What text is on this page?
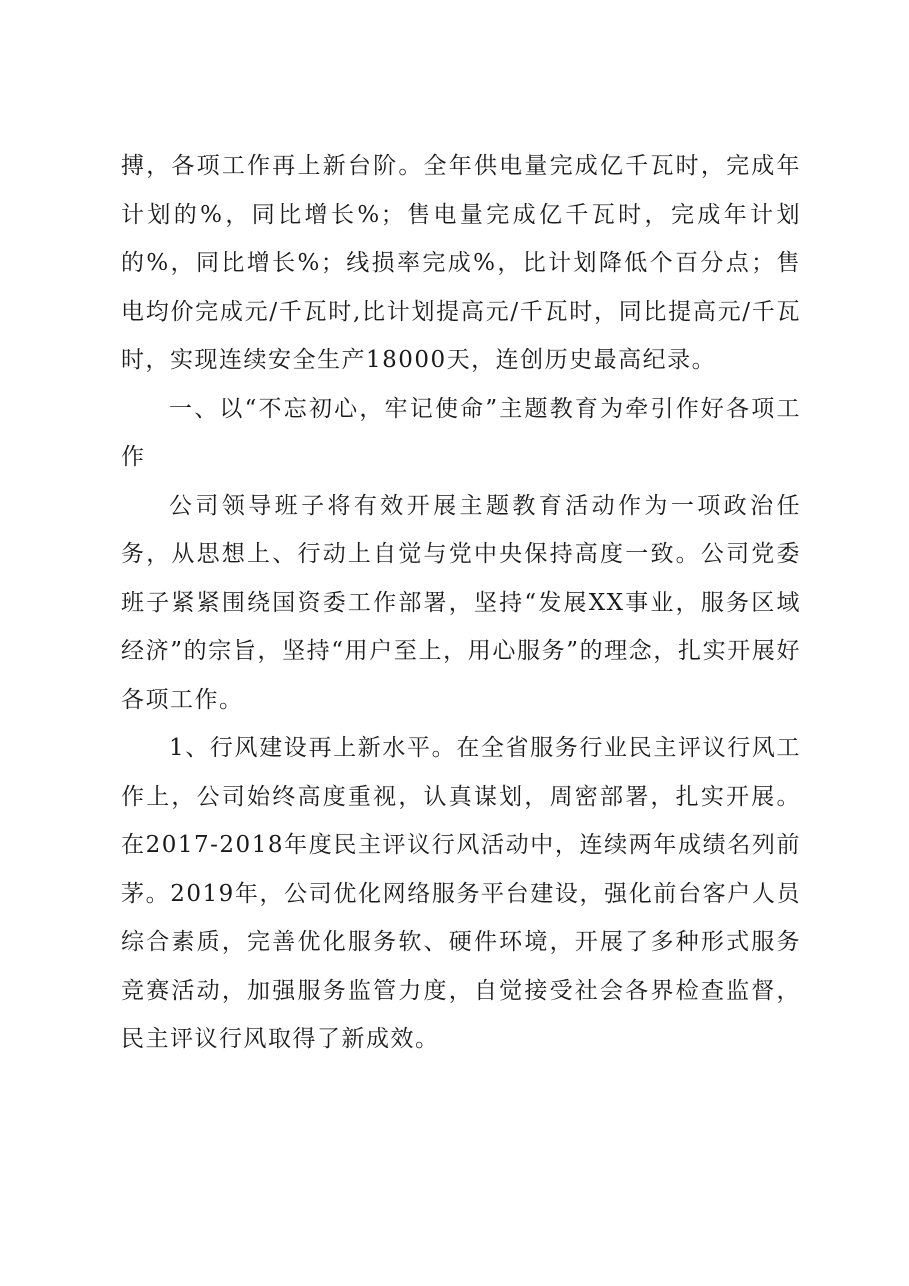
搏，各项工作再上新台阶。全年供电量完成亿千瓦时，完成年计划的%，同比增长%；售电量完成亿千瓦时，完成年计划的%，同比增长%；线损率完成%，比计划降低个百分点；售电均价完成元/千瓦时,比计划提高元/千瓦时，同比提高元/千瓦时，实现连续安全生产18000天，连创历史最高纪录。

一、以“不忘初心，牢记使命”主题教育为牵引作好各项工作

公司领导班子将有效开展主题教育活动作为一项政治任务，从思想上、行动上自觉与党中央保持高度一致。公司党委班子紧紧围绕国资委工作部署，坚持“发展XX事业，服务区域经济”的宗旨，坚持“用户至上，用心服务”的理念，扎实开展好各项工作。

1、行风建设再上新水平。在全省服务行业民主评议行风工作上，公司始终高度重视，认真谋划，周密部署，扎实开展。在2017-2018年度民主评议行风活动中，连续两年成绩名列前茅。2019年，公司优化网络服务平台建设，强化前台客户人员综合素质，完善优化服务软、硬件环境，开展了多种形式服务竞赛活动，加强服务监管力度，自觉接受社会各界检查监督，民主评议行风取得了新成效。
